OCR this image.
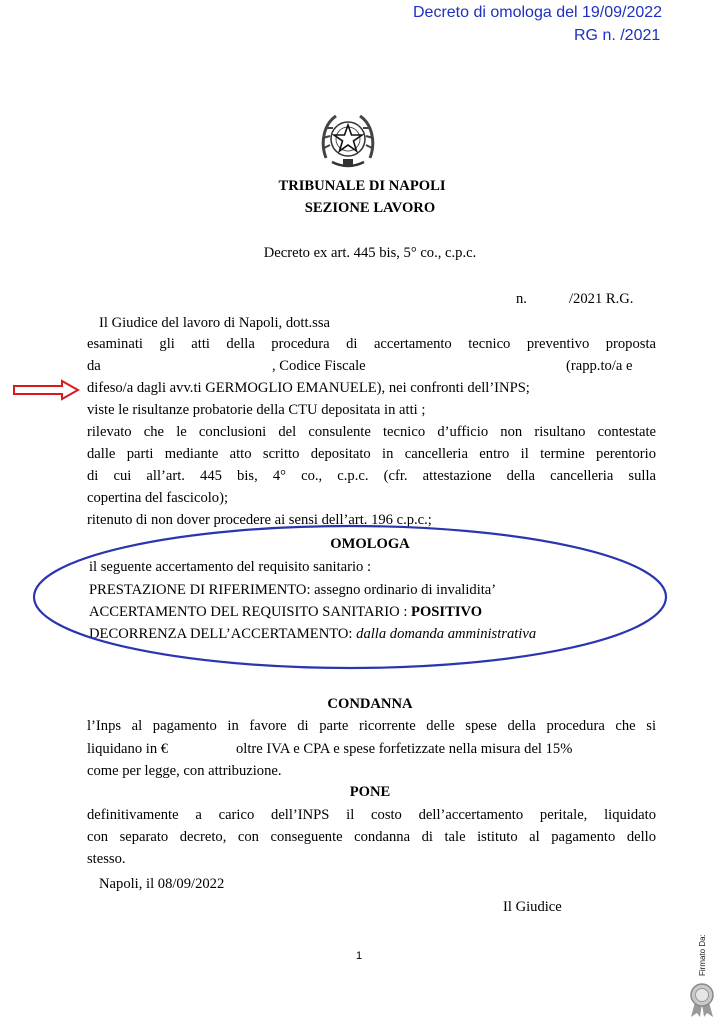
Decreto di omologa del 19/09/2022
RG n. /2021
TRIBUNALE DI NAPOLI
SEZIONE LAVORO
Decreto ex art. 445 bis, 5° co., c.p.c.
n.	/2021 R.G.
Il Giudice del lavoro di Napoli, dott.ssa
esaminati gli atti della procedura di accertamento tecnico preventivo proposta
da	, Codice Fiscale	(rapp.to/a e
difeso/a dagli avv.ti GERMOGLIO EMANUELE), nei confronti dell’INPS;
viste le risultanze probatorie della CTU depositata in atti ;
rilevato che le conclusioni del consulente tecnico d’ufficio non risultano contestate
dalle parti mediante atto scritto depositato in cancelleria entro il termine perentorio
di cui all’art. 445 bis, 4° co., c.p.c. (cfr. attestazione della cancelleria sulla
copertina del fascicolo);
ritenuto di non dover procedere ai sensi dell’art. 196 c.p.c.;
OMOLOGA
il seguente accertamento del requisito sanitario :
PRESTAZIONE DI RIFERIMENTO: assegno ordinario di invalidita’
ACCERTAMENTO DEL REQUISITO SANITARIO : POSITIVO
DECORRENZA DELL’ACCERTAMENTO: dalla domanda amministrativa
CONDANNA
l’Inps al pagamento in favore di parte ricorrente delle spese della procedura che si
liquidano in €	oltre IVA e CPA e spese forfetizzate nella misura del 15%
come per legge, con attribuzione.
PONE
definitivamente a carico dell’INPS il costo dell’accertamento peritale, liquidato
con separato decreto, con conseguente condanna di tale istituto al pagamento dello
stesso.
Napoli, il 08/09/2022
Il Giudice
1	Firmato Da:
